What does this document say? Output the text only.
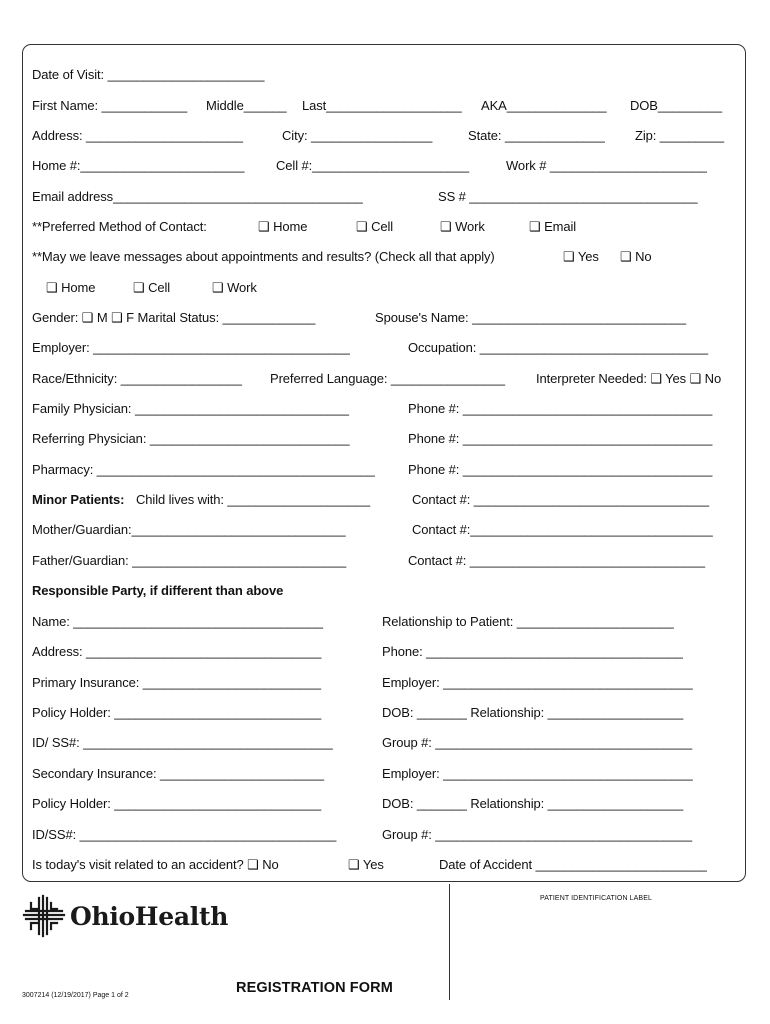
Date of Visit: ______________________
First Name: ____________ Middle______ Last___________________ AKA______________ DOB_________
Address: ______________________	City: _________________	State: ______________ Zip: _________
Home #:_______________________ Cell #:______________________	Work # ______________________
Email address___________________________________	SS # ________________________________
**Preferred Method of Contact:	❑ Home	❑ Cell	❑ Work	❑ Email
**May we leave messages about appointments and results? (Check all that apply)	❑ Yes ❑ No
❑ Home	❑ Cell	❑ Work
Gender: ❑ M ❑ F Marital Status: _____________	Spouse's Name: ______________________________
Employer: ____________________________________	Occupation: ________________________________
Race/Ethnicity: _________________ Preferred Language: ________________ Interpreter Needed: ❑ Yes ❑ No
Family Physician: ______________________________	Phone #: ___________________________________
Referring Physician: ____________________________	Phone #: ___________________________________
Pharmacy: _______________________________________	Phone #: ___________________________________
Minor Patients: Child lives with: ____________________	Contact #: _________________________________
Mother/Guardian:______________________________	Contact #:__________________________________
Father/Guardian: ______________________________	Contact #: _________________________________
Responsible Party, if different than above
Name: ___________________________________	Relationship to Patient: ______________________
Address: _________________________________	Phone: ____________________________________
Primary Insurance: _________________________	Employer: ___________________________________
Policy Holder: _____________________________	DOB: _______ Relationship: ___________________
ID/ SS#: ___________________________________	Group #: ____________________________________
Secondary Insurance: _______________________	Employer: ___________________________________
Policy Holder: _____________________________	DOB: _______ Relationship: ___________________
ID/SS#: ____________________________________	Group #: ____________________________________
Is today's visit related to an accident? ❑ No	❑ Yes	Date of Accident ________________________
OhioHealth
PATIENT IDENTIFICATION LABEL
REGISTRATION FORM
3007214 (12/19/2017) Page 1 of 2
